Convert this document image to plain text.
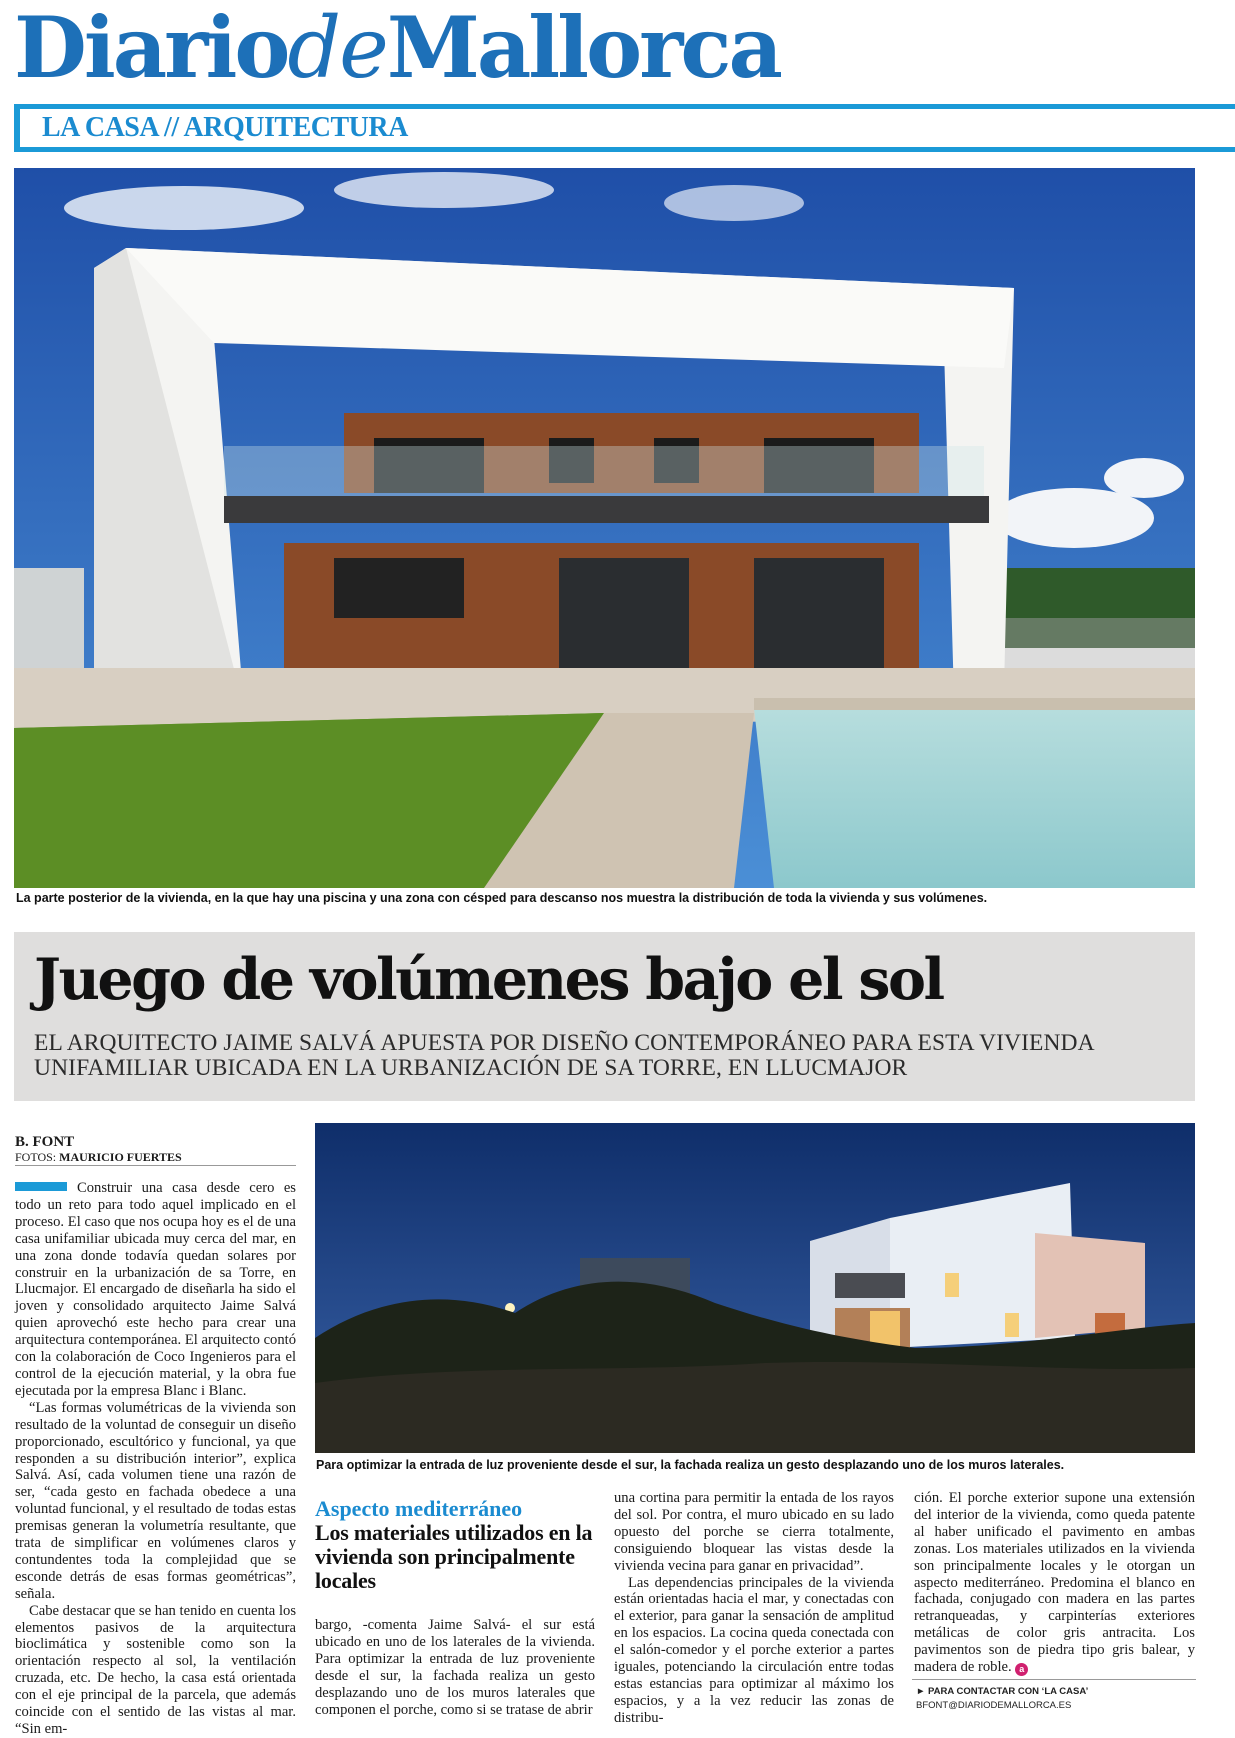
DiariodeMallorca
LA CASA // ARQUITECTURA
La parte posterior de la vivienda, en la que hay una piscina y una zona con césped para descanso nos muestra la distribución de toda la vivienda y sus volúmenes.
Juego de volúmenes bajo el sol
EL ARQUITECTO JAIME SALVÁ APUESTA POR DISEÑO CONTEMPORÁNEO PARA ESTA VIVIENDA UNIFAMILIAR UBICADA EN LA URBANIZACIÓN DE SA TORRE, EN LLUCMAJOR
B. FONT
FOTOS: MAURICIO FUERTES

Construir una casa desde cero es todo un reto para todo aquel implicado en el proceso. El caso que nos ocupa hoy es el de una casa unifamiliar ubicada muy cerca del mar, en una zona donde todavía quedan solares por construir en la urbanización de sa Torre, en Llucmajor. El encargado de diseñarla ha sido el joven y consolidado arquitecto Jaime Salvá quien aprovechó este hecho para crear una arquitectura contemporánea. El arquitecto contó con la colaboración de Coco Ingenieros para el control de la ejecución material, y la obra fue ejecutada por la empresa Blanc i Blanc.

“Las formas volumétricas de la vivienda son resultado de la voluntad de conseguir un diseño proporcionado, escultórico y funcional, ya que responden a su distribución interior”, explica Salvá. Así, cada volumen tiene una razón de ser, “cada gesto en fachada obedece a una voluntad funcional, y el resultado de todas estas premisas generan la volumetría resultante, que trata de simplificar en volúmenes claros y contundentes toda la complejidad que se esconde detrás de esas formas geométricas”, señala.

Cabe destacar que se han tenido en cuenta los elementos pasivos de la arquitectura bioclimática y sostenible como son la orientación respecto al sol, la ventilación cruzada, etc. De hecho, la casa está orientada con el eje principal de la parcela, que además coincide con el sentido de las vistas al mar. “Sin em-

Para optimizar la entrada de luz proveniente desde el sur, la fachada realiza un gesto desplazando uno de los muros laterales.
Aspecto mediterráneo
Los materiales utilizados en la vivienda son principalmente locales

bargo, -comenta Jaime Salvá- el sur está ubicado en uno de los laterales de la vivienda. Para optimizar la entrada de luz proveniente desde el sur, la fachada realiza un gesto desplazando uno de los muros laterales que componen el porche, como si se tratase de abrir

una cortina para permitir la entada de los rayos del sol. Por contra, el muro ubicado en su lado opuesto del porche se cierra totalmente, consiguiendo bloquear las vistas desde la vivienda vecina para ganar en privacidad”.

Las dependencias principales de la vivienda están orientadas hacia el mar, y conectadas con el exterior, para ganar la sensación de amplitud en los espacios. La cocina queda conectada con el salón-comedor y el porche exterior a partes iguales, potenciando la circulación entre todas estas estancias para optimizar al máximo los espacios, y a la vez reducir las zonas de distribu-

ción. El porche exterior supone una extensión del interior de la vivienda, como queda patente al haber unificado el pavimento en ambas zonas. Los materiales utilizados en la vivienda son principalmente locales y le otorgan un aspecto mediterráneo. Predomina el blanco en fachada, conjugado con madera en las partes retranqueadas, y carpinterías exteriores metálicas de color gris antracita. Los pavimentos son de piedra tipo gris balear, y madera de roble. a

► PARA CONTACTAR CON ‘LA CASA’
BFONT@DIARIODEMALLORCA.ES
